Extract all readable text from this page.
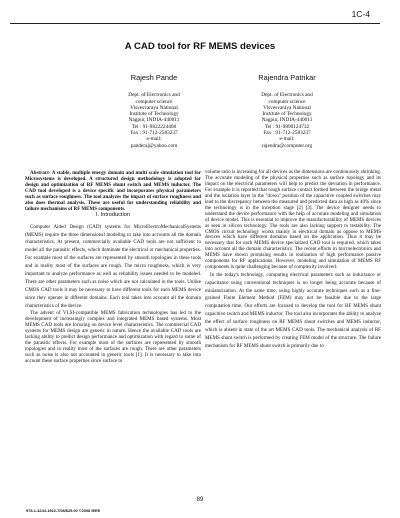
1C-4
A CAD tool for RF MEMS devices
Rajesh Pande
Dept. of Electronics and
computer science
Visvesvaraya National
Institute of Technology
Nagpur, INDIA-440011
Tel : 91-9822224468
Fax : 91-712-2583237
e-mail:
panderaj@yahoo.com
Rajendra Patrikar
Dept. of Electronics and
computer science
Visvesvaraya National
Institute of Technology
Nagpur, INDIA-440011
Tel : 91-9890124732
Fax : 91-712-2583237
e-mail:
rajendra@computer.org

Abstract- A stable, multiple energy domain and multi scale simulation tool for Microsystems is developed. A structured design methodology is adopted for design and optimization of RF MEMS shunt switch and MEMS inductor. The CAD tool developed is a device specific and incorporates physical parameters such as surface roughness. The tool analyzes the impact of surface roughness and also does thermal analysis. These are useful for understanding reliability and failure mechanisms of RF MEMS components.

I. Introduction

Computer Aided Design (CAD) systems for MicroElectroMechanicalSystems (MEMS) require the three dimensional modeling to take into accounts all the domain characteristics. At present, commercially available CAD tools are not sufficient to model all the parasitic effects, which dominate the electrical or mechanical properties. For example most of the surfaces are represented by smooth topologies in these tools and in reality most of the surfaces are rough. The micro roughness, which is very important to analyze performance as well as reliability issues needed to be modeled. There are other parameters such as noise which are not calculated in the tools. Unlike CMOS CAD tools it may be necessary to have different tools for each MEMS device since they operate in different domains. Each tool takes into account all the domain characteristics of the device.

The advent of VLSI-compatible MEMS fabrication technologies has led to the development of increasingly complex and integrated MEMS based systems. Most MEMS CAD tools are focusing on device level characteristics. The commercial CAD systems for MEMS design are generic in nature. Hence the available CAD tools are lacking ability to predict design performance and optimization with regard to some of the parasitic effects. For example most of the surfaces are represented by smooth topologies and in reality most of the surfaces are rough. There are other parameters such as noise is also not accounted in generic tools [1]. It is necessary to take into account these surface properties since surface to

volume ratio is increasing for all devices as the dimensions are continuously shrinking. The accurate modeling of the physical properties such as surface topology and its impact on the electrical parameters will help to predict the deviation in performance. For example it is reported that rough surface contact formed between the bridge metal and the isolation layer in the "down" position of the capacitive coupled switches may lead to the discrepancy between the measured and predicted data as high as 40% since the technology is in the inception stage [2] [3]. The device designer needs to understand the device performance with the help of accurate modeling and simulation of device model. This is essential to improve the manufacturability of MEMS devices as seen in silicon technology. The tools are also lacking support to testability. The CMOS circuit technology works mainly in electrical domain as oppose to MEMS devices which have different domains based on the application. Thus it may be necessary that for each MEMS device specialized CAD tool is required, which takes into account all the domain characteristics. The recent efforts in microelectronics and MEMS have shown promising results in realization of high performance passive components for RF applications. However, modeling and simulation of MEMS RF components is quite challenging because of complexity involved.

In the today's technology, computing electrical parameters such as inductance or capacitance using conventional techniques is no longer being accurate because of miniaturization. At the same time, using highly accurate techniques such as a fine-grained Finite Element Method (FEM) may not be feasible due to the large computation time. Our efforts are focused to develop the tool for RF MEMS shunt capacitive switch and MEMS inductor. The tool also incorporates the ability to analyze the effect of surface roughness on RF MEMS shunt switches and MEMS inductor, which is absent in state of the art MEMS CAD tools. The mechanical analysis of RF MEMS shunt switch is performed by creating FEM model of the structure. The failure mechanism for RF MEMS shunt switch is primarily due to

89
978-1-4244-1922-7/08/$25.00 ©2008 IEEE
